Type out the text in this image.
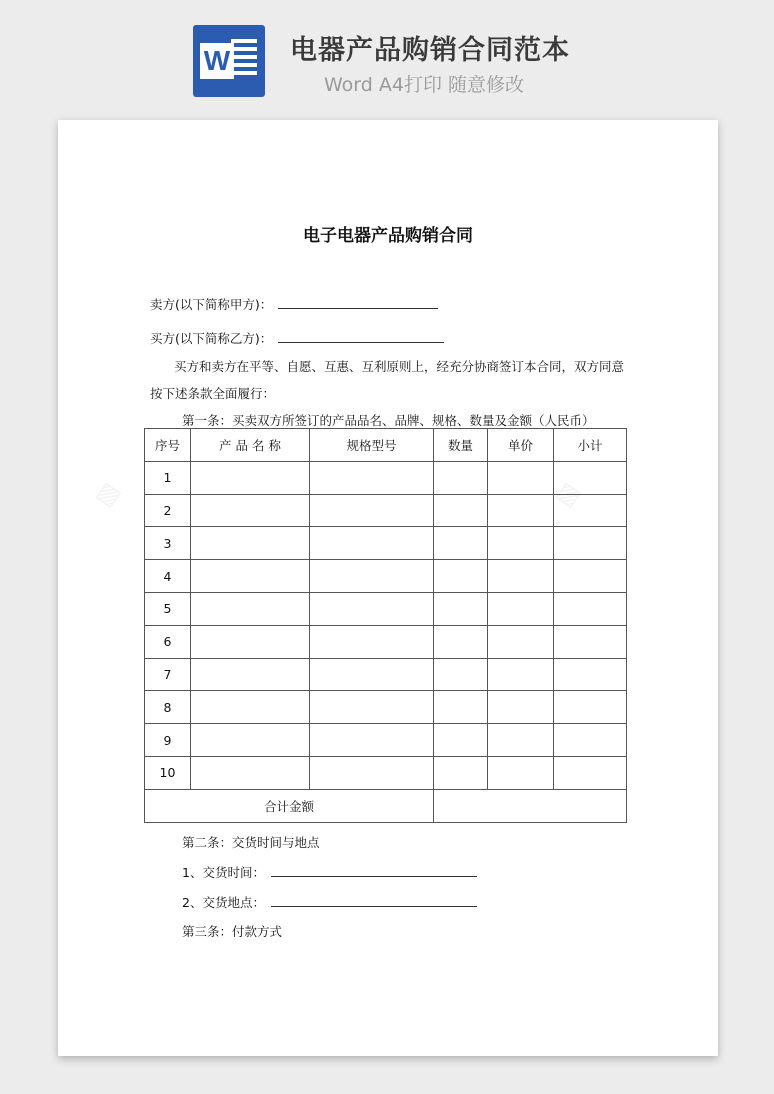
W 电器产品购销合同范本
Word A4打印 随意修改
▨	▨
电子电器产品购销合同
卖方(以下简称甲方)：
买方(以下简称乙方)：
买方和卖方在平等、自愿、互惠、互利原则上，经充分协商签订本合同，双方同意
按下述条款全面履行：
第一条：买卖双方所签订的产品品名、品牌、规格、数量及金额（人民币）
序号	产 品 名 称	规格型号	数量	单价	小计
1					
2					
3					
4					
5					
6					
7					
8					
9					
10					
合计金额					
第二条：交货时间与地点
1、交货时间：
2、交货地点：
第三条：付款方式
